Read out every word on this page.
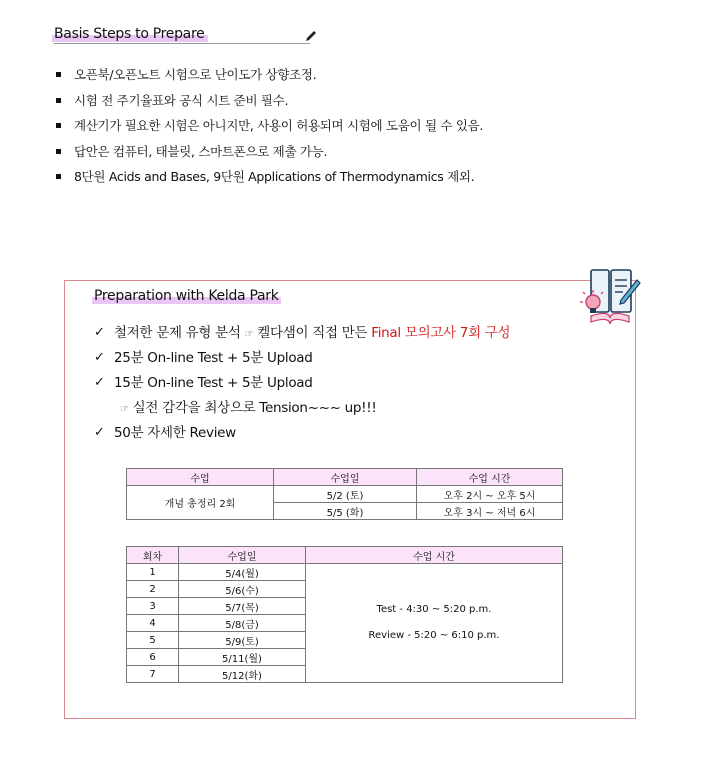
Basis Steps to Prepare
오픈북/오픈노트 시험으로 난이도가 상향조정.
시험 전 주기율표와 공식 시트 준비 필수.
계산기가 필요한 시험은 아니지만, 사용이 허용되며 시험에 도움이 될 수 있음.
답안은 컴퓨터, 태블릿, 스마트폰으로 제출 가능.
8단원 Acids and Bases, 9단원 Applications of Thermodynamics 제외.
Preparation with Kelda Park
✓ 철저한 문제 유형 분석 ☞ 켈다샘이 직접 만든 Final 모의고사 7회 구성
✓ 25분 On-line Test + 5분 Upload
✓ 15분 On-line Test + 5분 Upload
☞ 실전 감각을 최상으로 Tension~~~ up!!!
✓ 50분 자세한 Review
수업	수업일	수업 시간
개념 총정리 2회	5/2 (토)	오후 2시 ~ 오후 5시
	5/5 (화)	오후 3시 ~ 저녁 6시
회차	수업일	수업 시간
1	5/4(월)	Test - 4:30 ~ 5:20 p.m.
Review - 5:20 ~ 6:10 p.m.

2	5/6(수)	
3	5/7(목)	
4	5/8(금)	
5	5/9(토)	
6	5/11(월)	
7	5/12(화)	
